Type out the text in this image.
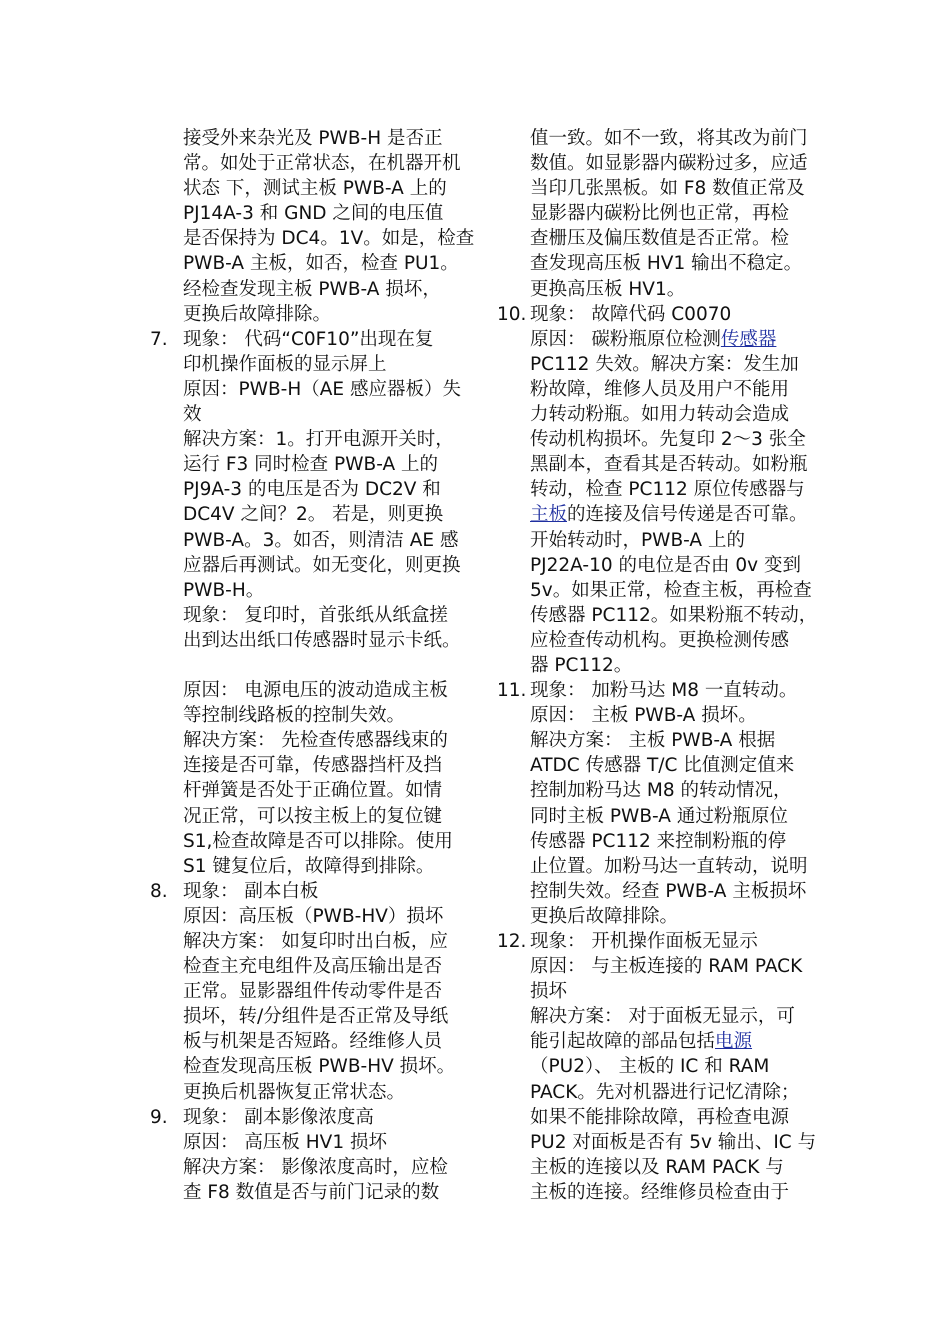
接受外来杂光及 PWB-H 是否正
常。如处于正常状态，在机器开机
状态 下，测试主板 PWB-A 上的
PJ14A-3 和 GND 之间的电压值
是否保持为 DC4。1V。如是，检查
PWB-A 主板，如否，检查 PU1。
经检查发现主板 PWB-A 损坏，
更换后故障排除。
7. 现象： 代码“C0F10”出现在复
印机操作面板的显示屏上
原因：PWB-H（AE 感应器板）失
效
解决方案：1。打开电源开关时，
运行 F3 同时检查 PWB-A 上的
PJ9A-3 的电压是否为 DC2V 和
DC4V 之间？2。 若是，则更换
PWB-A。3。如否，则清洁 AE 感
应器后再测试。如无变化，则更换
PWB-H。
现象： 复印时，首张纸从纸盒搓
出到达出纸口传感器时显示卡纸。
原因： 电源电压的波动造成主板
等控制线路板的控制失效。
解决方案： 先检查传感器线束的
连接是否可靠，传感器挡杆及挡
杆弹簧是否处于正确位置。如情
况正常，可以按主板上的复位键
S1,检查故障是否可以排除。使用
S1 键复位后，故障得到排除。
8. 现象： 副本白板
原因：高压板（PWB-HV）损坏
解决方案： 如复印时出白板，应
检查主充电组件及高压输出是否
正常。显影器组件传动零件是否
损坏，转/分组件是否正常及导纸
板与机架是否短路。经维修人员
检查发现高压板 PWB-HV 损坏。
更换后机器恢复正常状态。
9. 现象： 副本影像浓度高
原因： 高压板 HV1 损坏
解决方案： 影像浓度高时，应检
查 F8 数值是否与前门记录的数
值一致。如不一致，将其改为前门
数值。如显影器内碳粉过多，应适
当印几张黑板。如 F8 数值正常及
显影器内碳粉比例也正常，再检
查栅压及偏压数值是否正常。检
查发现高压板 HV1 输出不稳定。
更换高压板 HV1。
10. 现象： 故障代码 C0070
原因： 碳粉瓶原位检测传感器
PC112 失效。解决方案：发生加
粉故障，维修人员及用户不能用
力转动粉瓶。如用力转动会造成
传动机构损坏。先复印 2～3 张全
黑副本，查看其是否转动。如粉瓶
转动，检查 PC112 原位传感器与
主板的连接及信号传递是否可靠。
开始转动时，PWB-A 上的
PJ22A-10 的电位是否由 0v 变到
5v。如果正常，检查主板，再检查
传感器 PC112。如果粉瓶不转动，
应检查传动机构。更换检测传感
器 PC112。
11. 现象： 加粉马达 M8 一直转动。
原因： 主板 PWB-A 损坏。
解决方案： 主板 PWB-A 根据
ATDC 传感器 T/C 比值测定值来
控制加粉马达 M8 的转动情况，
同时主板 PWB-A 通过粉瓶原位
传感器 PC112 来控制粉瓶的停
止位置。加粉马达一直转动，说明
控制失效。经查 PWB-A 主板损坏
更换后故障排除。
12. 现象： 开机操作面板无显示
原因： 与主板连接的 RAM PACK
损坏
解决方案： 对于面板无显示，可
能引起故障的部品包括电源
（PU2）、 主板的 IC 和 RAM
PACK。先对机器进行记忆清除；
如果不能排除故障，再检查电源
PU2 对面板是否有 5v 输出、IC 与
主板的连接以及 RAM PACK 与
主板的连接。经维修员检查由于
